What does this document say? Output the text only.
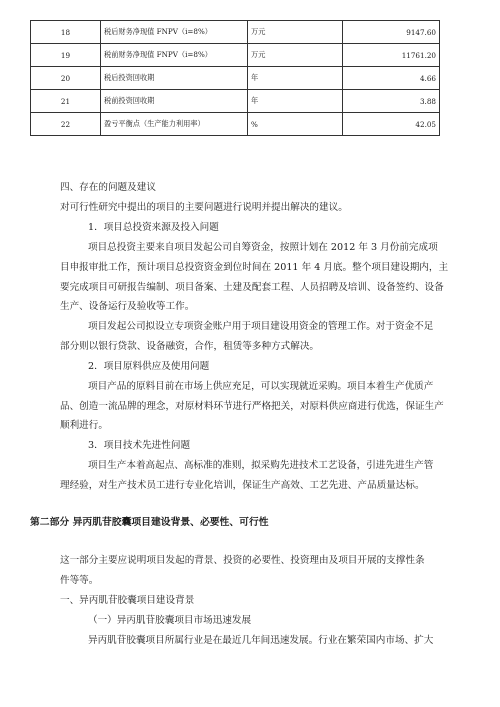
18	税后财务净现值 FNPV（i=8%）	万元	9147.60
19	税前财务净现值 FNPV（i=8%）	万元	11761.20
20	税后投资回收期	年	4.66
21	税前投资回收期	年	3.88
22	盈亏平衡点（生产能力利用率）	%	42.05
四、存在的问题及建议
对可行性研究中提出的项目的主要问题进行说明并提出解决的建议。
1．项目总投资来源及投入问题
项目总投资主要来自项目发起公司自筹资金，按照计划在 2012 年 3 月份前完成项
目申报审批工作，预计项目总投资资金到位时间在 2011 年 4 月底。整个项目建设期内，主
要完成项目可研报告编制、项目备案、土建及配套工程、人员招聘及培训、设备签约、设备
生产、设备运行及验收等工作。
项目发起公司拟设立专项资金账户用于项目建设用资金的管理工作。对于资金不足
部分则以银行贷款、设备融资，合作，租赁等多种方式解决。
2．项目原料供应及使用问题
项目产品的原料目前在市场上供应充足，可以实现就近采购。项目本着生产优质产
品、创造一流品牌的理念，对原材料环节进行严格把关，对原料供应商进行优选，保证生产
顺利进行。
3．项目技术先进性问题
项目生产本着高起点、高标准的准则，拟采购先进技术工艺设备，引进先进生产管
理经验，对生产技术员工进行专业化培训，保证生产高效、工艺先进、产品质量达标。
第二部分 异丙肌苷胶囊项目建设背景、必要性、可行性
这一部分主要应说明项目发起的背景、投资的必要性、投资理由及项目开展的支撑性条
件等等。
一、异丙肌苷胶囊项目建设背景
（一）异丙肌苷胶囊项目市场迅速发展
异丙肌苷胶囊项目所属行业是在最近几年间迅速发展。行业在繁荣国内市场、扩大
